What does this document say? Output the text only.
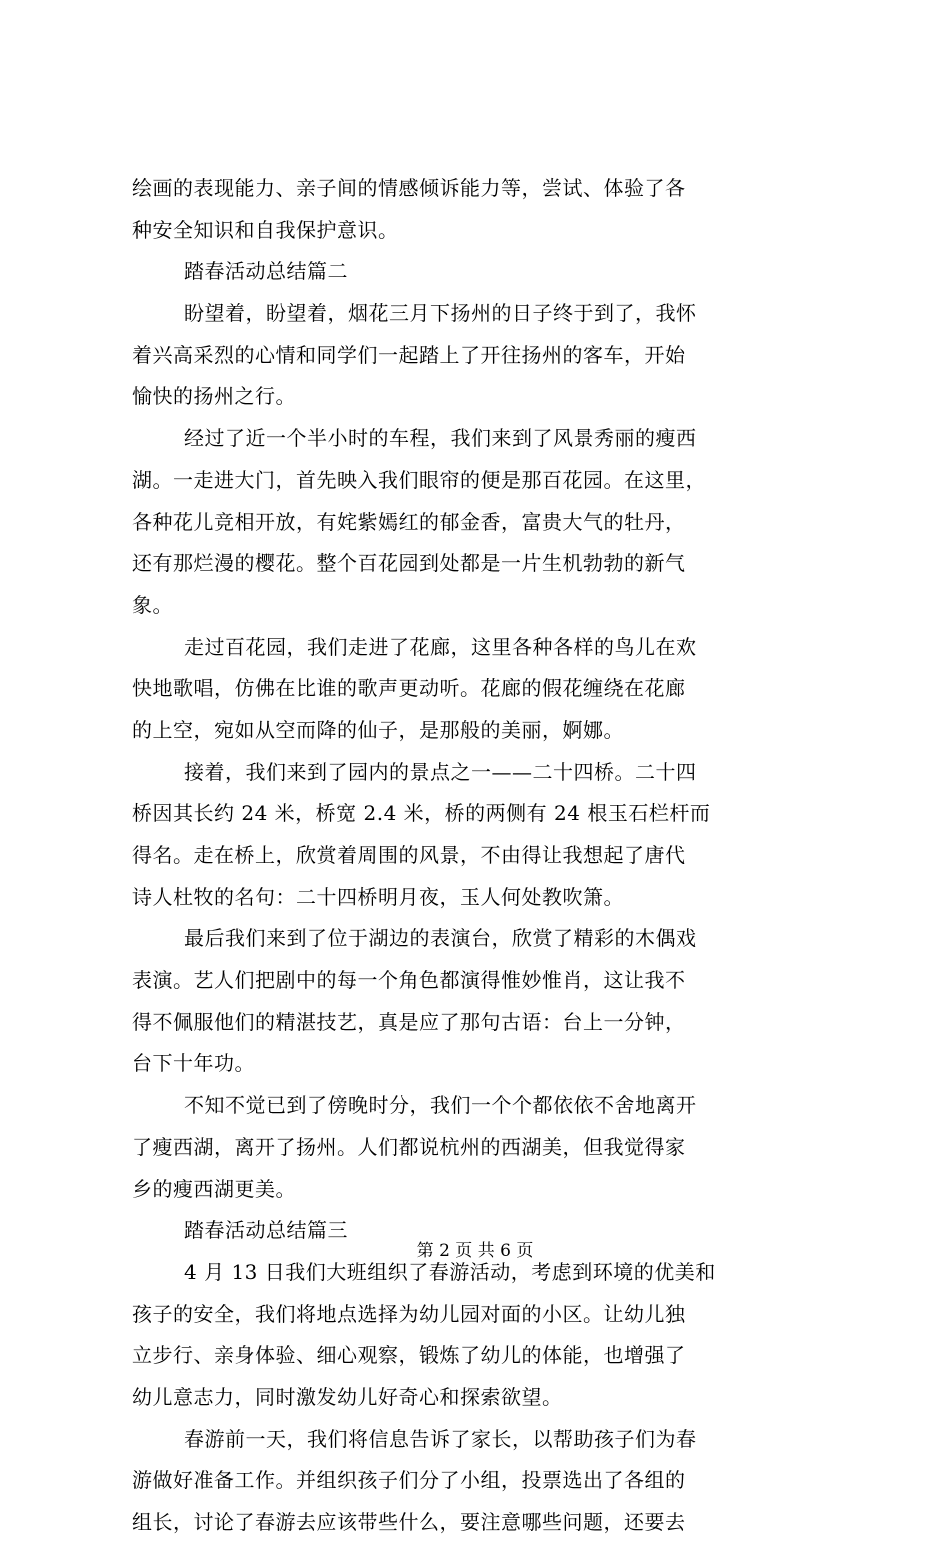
绘画的表现能力、亲子间的情感倾诉能力等，尝试、体验了各
种安全知识和自我保护意识。
踏春活动总结篇二
盼望着，盼望着，烟花三月下扬州的日子终于到了，我怀
着兴高采烈的心情和同学们一起踏上了开往扬州的客车，开始
愉快的扬州之行。
经过了近一个半小时的车程，我们来到了风景秀丽的瘦西
湖。一走进大门，首先映入我们眼帘的便是那百花园。在这里，
各种花儿竞相开放，有姹紫嫣红的郁金香，富贵大气的牡丹，
还有那烂漫的樱花。整个百花园到处都是一片生机勃勃的新气
象。
走过百花园，我们走进了花廊，这里各种各样的鸟儿在欢
快地歌唱，仿佛在比谁的歌声更动听。花廊的假花缠绕在花廊
的上空，宛如从空而降的仙子，是那般的美丽，婀娜。
接着，我们来到了园内的景点之一——二十四桥。二十四
桥因其长约 24 米，桥宽 2.4 米，桥的两侧有 24 根玉石栏杆而
得名。走在桥上，欣赏着周围的风景，不由得让我想起了唐代
诗人杜牧的名句：二十四桥明月夜，玉人何处教吹箫。
最后我们来到了位于湖边的表演台，欣赏了精彩的木偶戏
表演。艺人们把剧中的每一个角色都演得惟妙惟肖，这让我不
得不佩服他们的精湛技艺，真是应了那句古语：台上一分钟，
台下十年功。
不知不觉已到了傍晚时分，我们一个个都依依不舍地离开
了瘦西湖，离开了扬州。人们都说杭州的西湖美，但我觉得家
乡的瘦西湖更美。
踏春活动总结篇三
4 月 13 日我们大班组织了春游活动，考虑到环境的优美和
孩子的安全，我们将地点选择为幼儿园对面的小区。让幼儿独
立步行、亲身体验、细心观察，锻炼了幼儿的体能，也增强了
幼儿意志力，同时激发幼儿好奇心和探索欲望。
春游前一天，我们将信息告诉了家长，以帮助孩子们为春
游做好准备工作。并组织孩子们分了小组，投票选出了各组的
组长，讨论了春游去应该带些什么，要注意哪些问题，还要去
第 2 页 共 6 页
